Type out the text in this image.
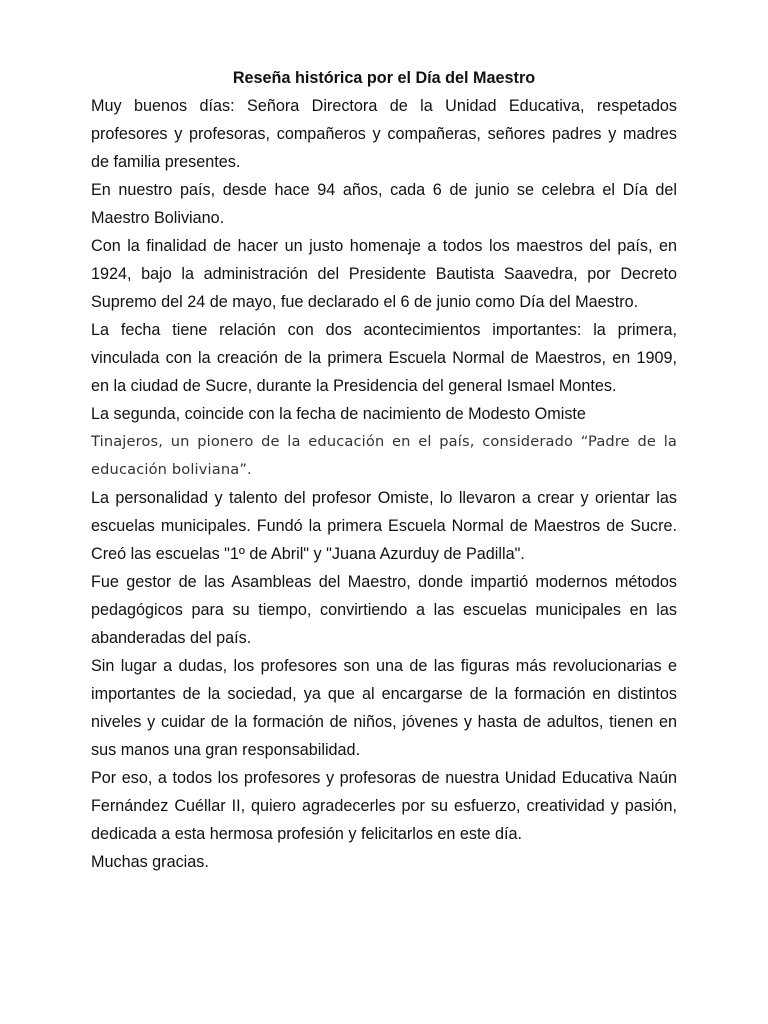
Reseña histórica por el Día del Maestro

Muy buenos días: Señora Directora de la Unidad Educativa, respetados profesores y profesoras, compañeros y compañeras, señores padres y madres de familia presentes.

En nuestro país, desde hace 94 años, cada 6 de junio se celebra el Día del Maestro Boliviano.

Con la finalidad de hacer un justo homenaje a todos los maestros del país, en 1924, bajo la administración del Presidente Bautista Saavedra, por Decreto Supremo del 24 de mayo, fue declarado el 6 de junio como Día del Maestro.

La fecha tiene relación con dos acontecimientos importantes: la primera, vinculada con la creación de la primera Escuela Normal de Maestros, en 1909, en la ciudad de Sucre, durante la Presidencia del general Ismael Montes.

La segunda, coincide con la fecha de nacimiento de Modesto Omiste

Tinajeros, un pionero de la educación en el país, considerado “Padre de la educación boliviana”.

La personalidad y talento del profesor Omiste, lo llevaron a crear y orientar las escuelas municipales. Fundó la primera Escuela Normal de Maestros de Sucre. Creó las escuelas "1º de Abril" y "Juana Azurduy de Padilla".

Fue gestor de las Asambleas del Maestro, donde impartió modernos métodos pedagógicos para su tiempo, convirtiendo a las escuelas municipales en las abanderadas del país.

Sin lugar a dudas, los profesores son una de las figuras más revolucionarias e importantes de la sociedad, ya que al encargarse de la formación en distintos niveles y cuidar de la formación de niños, jóvenes y hasta de adultos, tienen en sus manos una gran responsabilidad.

Por eso, a todos los profesores y profesoras de nuestra Unidad Educativa Naún Fernández Cuéllar II, quiero agradecerles por su esfuerzo, creatividad y pasión, dedicada a esta hermosa profesión y felicitarlos en este día.

Muchas gracias.
